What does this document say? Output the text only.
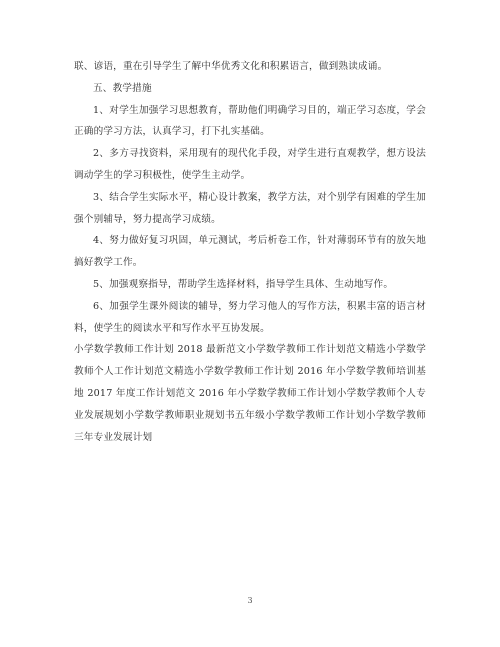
联、谚语，重在引导学生了解中华优秀文化和积累语言，做到熟读成诵。

五、教学措施

1、对学生加强学习思想教育，帮助他们明确学习目的，端正学习态度，学会正确的学习方法，认真学习，打下扎实基础。

2、多方寻找资料，采用现有的现代化手段，对学生进行直观教学，想方设法调动学生的学习积极性，使学生主动学。

3、结合学生实际水平，精心设计教案，教学方法，对个别学有困难的学生加强个别辅导，努力提高学习成绩。

4、努力做好复习巩固，单元测试，考后析卷工作，针对薄弱环节有的放矢地搞好教学工作。

5、加强观察指导，帮助学生选择材料，指导学生具体、生动地写作。

6、加强学生课外阅读的辅导，努力学习他人的写作方法，积累丰富的语言材料，使学生的阅读水平和写作水平互协发展。

小学数学教师工作计划 2018 最新范文小学数学教师工作计划范文精选小学数学教师个人工作计划范文精选小学数学教师工作计划 2016 年小学数学教师培训基地 2017 年度工作计划范文 2016 年小学数学教师工作计划小学数学教师个人专业发展规划小学数学教师职业规划书五年级小学数学教师工作计划小学数学教师三年专业发展计划

3
